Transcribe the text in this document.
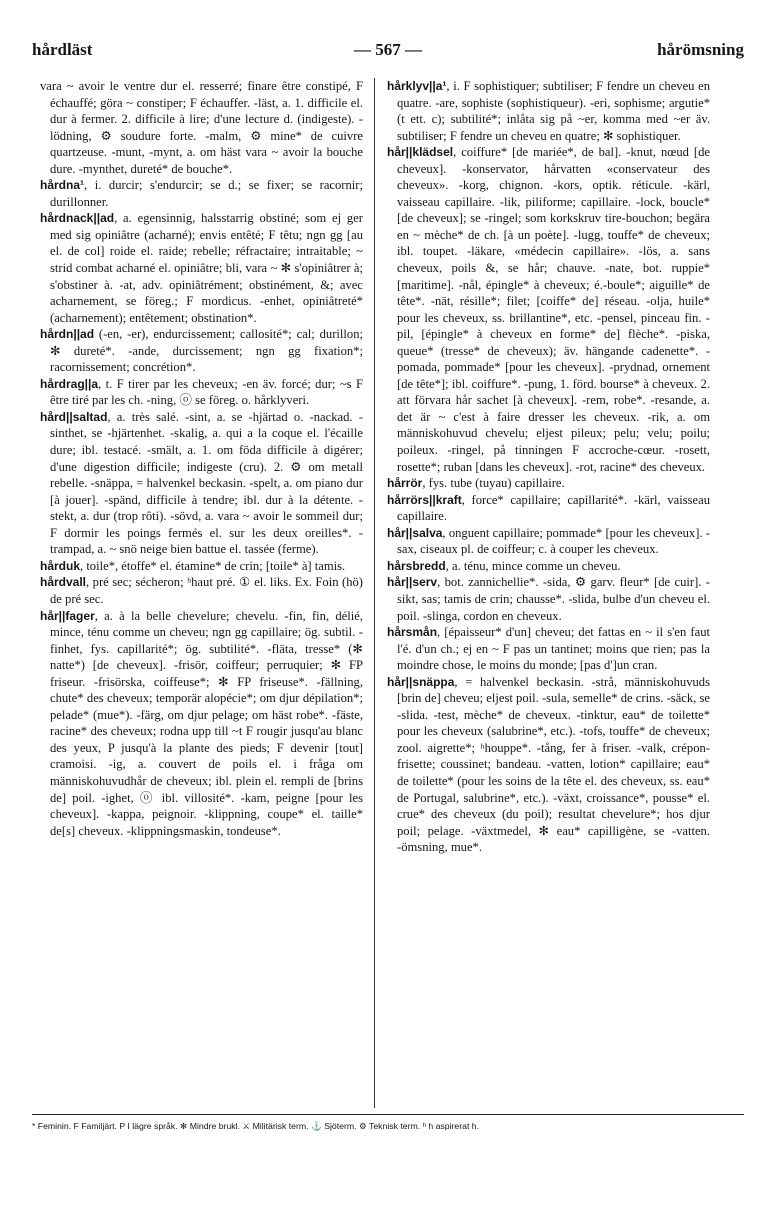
— 567 —
hårdläst	hårömsning

vara ~ avoir le ventre dur el. resserré; finare être constipé, F échauffé; göra ~ constiper; F échauffer. -läst, a. 1. difficile el. dur à fermer. 2. difficile à lire; d'une lecture d. (indigeste). -lödning, ⚙ soudure forte. -malm, ⚙ mine* de cuivre quartzeuse. -munt, -mynt, a. om häst vara ~ avoir la bouche dure. -mynthet, dureté* de bouche*.

hårdna¹, i. durcir; s'endurcir; se d.; se fixer; se racornir; durillonner.

hårdnack||ad, a. egensinnig, halsstarrig obstiné; som ej ger med sig opiniâtre (acharné); envis entêté; F têtu; ngn gg [au el. de col] roide el. raide; rebelle; réfractaire; intraitable; ~ strid combat acharné el. opiniâtre; bli, vara ~ ✻ s'opiniâtrer à; s'obstiner à. -at, adv. opiniâtrément; obstinément, &; avec acharnement, se föreg.; F mordicus. -enhet, opiniâtreté* (acharnement); entêtement; obstination*.

hårdn||ad (-en, -er), endurcissement; callosité*; cal; durillon; ✻ dureté*. -ande, durcissement; ngn gg fixation*; racornissement; concrétion*.

hårdrag||a, t. F tirer par les cheveux; -en äv. forcé; dur; ~s F être tiré par les ch. -ning, ⓞ se föreg. o. hårklyveri.

hård||saltad, a. très salé. -sint, a. se -hjärtad o. -nackad. -sinthet, se -hjärtenhet. -skalig, a. qui a la coque el. l'écaille dure; ibl. testacé. -smält, a. 1. om föda difficile à digérer; d'une digestion difficile; indigeste (cru). 2. ⚙ om metall rebelle. -snäppa, = halvenkel beckasin. -spelt, a. om piano dur [à jouer]. -spänd, difficile à tendre; ibl. dur à la détente. -stekt, a. dur (trop rôti). -sövd, a. vara ~ avoir le sommeil dur; F dormir les poings fermés el. sur les deux oreilles*. -trampad, a. ~ snö neige bien battue el. tassée (ferme).

hårduk, toile*, étoffe* el. étamine* de crin; [toile* à] tamis.

hårdvall, pré sec; sécheron; ʰhaut pré. ① el. liks. Ex. Foin (hö) de pré sec.

hår||fager, a. à la belle chevelure; chevelu. -fin, fin, délié, mince, ténu comme un cheveu; ngn gg capillaire; ög. subtil. -finhet, fys. capillarité*; ög. subtilité*. -fläta, tresse* (✻ natte*) [de cheveux]. -frisör, coiffeur; perruquier; ✻ FP friseur. -frisörska, coiffeuse*; ✻ FP friseuse*. -fällning, chute* des cheveux; temporär alopécie*; om djur dépilation*; pelade* (mue*). -färg, om djur pelage; om häst robe*. -fäste, racine* des cheveux; rodna upp till ~t F rougir jusqu'au blanc des yeux, P jusqu'à la plante des pieds; F devenir [tout] cramoisi. -ig, a. couvert de poils el. i fråga om människohuvudhår de cheveux; ibl. plein el. rempli de [brins de] poil. -ighet, ⓞ ibl. villosité*. -kam, peigne [pour les cheveux]. -kappa, peignoir. -klippning, coupe* el. taille* de[s] cheveux. -klippningsmaskin, tondeuse*.

hårklyv||a¹, i. F sophistiquer; subtiliser; F fendre un cheveu en quatre. -are, sophiste (sophistiqueur). -eri, sophisme; argutie* (t ett. c); subtilité*; inlåta sig på ~er, komma med ~er äv. subtiliser; F fendre un cheveu en quatre; ✻ sophistiquer.

hår||klädsel, coiffure* [de mariée*, de bal]. -knut, nœud [de cheveux]. -konservator, hårvatten «conservateur des cheveux». -korg, chignon. -kors, optik. réticule. -kärl, vaisseau capillaire. -lik, piliforme; capillaire. -lock, boucle* [de cheveux]; se -ringel; som korkskruv tire-bouchon; begära en ~ mèche* de ch. [à un poète]. -lugg, touffe* de cheveux; ibl. toupet. -läkare, «médecin capillaire». -lös, a. sans cheveux, poils &, se hår; chauve. -nate, bot. ruppie* [maritime]. -nål, épingle* à cheveux; é.-boule*; aiguille* de tête*. -nät, résille*; filet; [coiffe* de] réseau. -olja, huile* pour les cheveux, ss. brillantine*, etc. -pensel, pinceau fin. -pil, [épingle* à cheveux en forme* de] flèche*. -piska, queue* (tresse* de cheveux); äv. hängande cadenette*. -pomada, pommade* [pour les cheveux]. -prydnad, ornement [de tête*]; ibl. coiffure*. -pung, 1. förd. bourse* à cheveux. 2. att förvara hår sachet [à cheveux]. -rem, robe*. -resande, a. det är ~ c'est à faire dresser les cheveux. -rik, a. om människohuvud chevelu; eljest pileux; pelu; velu; poilu; poileux. -ringel, på tinningen F accroche-cœur. -rosett, rosette*; ruban [dans les cheveux]. -rot, racine* des cheveux.

hårrör, fys. tube (tuyau) capillaire.

hårrörs||kraft, force* capillaire; capillarité*. -kärl, vaisseau capillaire.

hår||salva, onguent capillaire; pommade* [pour les cheveux]. -sax, ciseaux pl. de coiffeur; c. à couper les cheveux.

hårsbredd, a. ténu, mince comme un cheveu.

hår||serv, bot. zannichellie*. -sida, ⚙ garv. fleur* [de cuir]. -sikt, sas; tamis de crin; chausse*. -slida, bulbe d'un cheveu el. poil. -slinga, cordon en cheveux.

hårsmån, [épaisseur* d'un] cheveu; det fattas en ~ il s'en faut l'é. d'un ch.; ej en ~ F pas un tantinet; moins que rien; pas la moindre chose, le moins du monde; [pas d']un cran.

hår||snäppa, = halvenkel beckasin. -strå, människohuvuds [brin de] cheveu; eljest poil. -sula, semelle* de crins. -säck, se -slida. -test, mèche* de cheveux. -tinktur, eau* de toilette* pour les cheveux (salubrine*, etc.). -tofs, touffe* de cheveux; zool. aigrette*; ʰhouppe*. -tång, fer à friser. -valk, crépon-frisette; coussinet; bandeau. -vatten, lotion* capillaire; eau* de toilette* (pour les soins de la tête el. des cheveux, ss. eau* de Portugal, salubrine*, etc.). -växt, croissance*, pousse* el. crue* des cheveux (du poil); resultat chevelure*; hos djur poil; pelage. -växtmedel, ✻ eau* capilligène, se -vatten. -ömsning, mue*.

* Feminin. F Familjärt. P I lägre språk. ✻ Mindre brukl. ⚔ Militärisk term. ⚓ Sjöterm. ⚙ Teknisk term. ʰ h aspirerat h.
